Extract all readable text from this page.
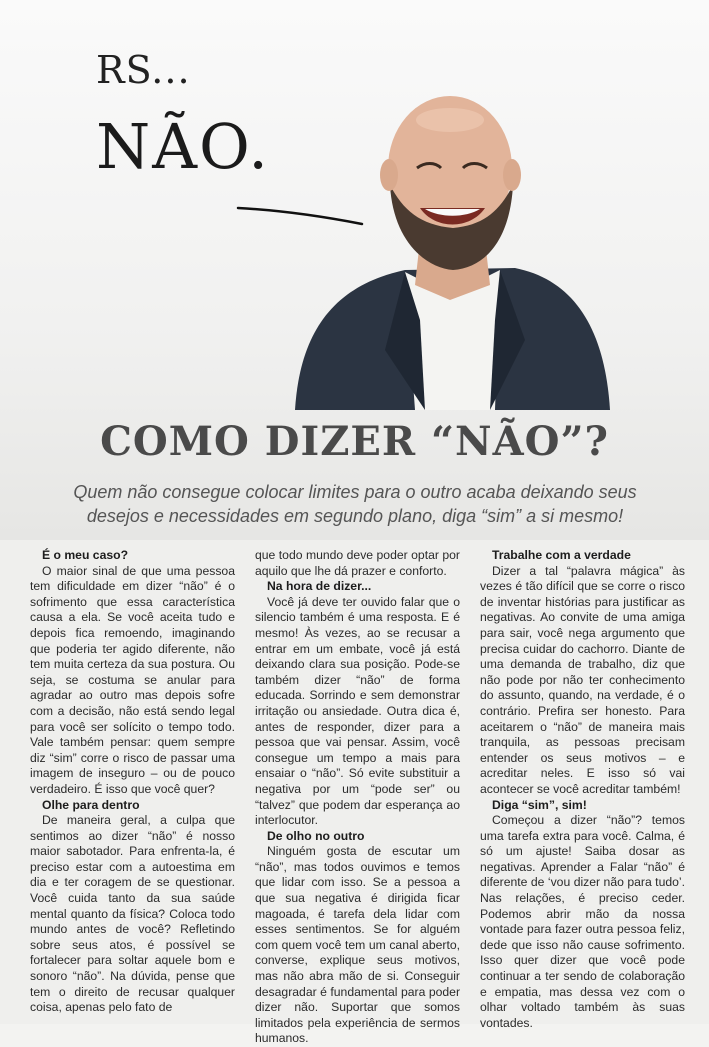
RS...
NÃO.
COMO DIZER “NÃO”?
Quem não consegue colocar limites para o outro acaba deixando seus desejos e necessidades em segundo plano, diga “sim” a si mesmo!
É o meu caso?

O maior sinal de que uma pessoa tem dificuldade em dizer “não” é o sofrimento que essa característica causa a ela. Se você aceita tudo e depois fica remoendo, imaginando que poderia ter agido diferente, não tem muita certeza da sua postura. Ou seja, se costuma se anular para agradar ao outro mas depois sofre com a decisão, não está sendo legal para você ser solícito o tempo todo. Vale também pensar: quem sempre diz “sim” corre o risco de passar uma imagem de inseguro – ou de pouco verdadeiro. É isso que você quer?

Olhe para dentro

De maneira geral, a culpa que sentimos ao dizer “não” é nosso maior sabotador. Para enfrenta-la, é preciso estar com a autoestima em dia e ter coragem de se questionar. Você cuida tanto da sua saúde mental quanto da física? Coloca todo mundo antes de você? Refletindo sobre seus atos, é possível se fortalecer para soltar aquele bom e sonoro “não”. Na dúvida, pense que tem o direito de recusar qualquer coisa, apenas pelo fato de

que todo mundo deve poder optar por aquilo que lhe dá prazer e conforto.

Na hora de dizer...

Você já deve ter ouvido falar que o silencio também é uma resposta. E é mesmo! Às vezes, ao se recusar a entrar em um embate, você já está deixando clara sua posição. Pode-se também dizer “não” de forma educada. Sorrindo e sem demonstrar irritação ou ansiedade. Outra dica é, antes de responder, dizer para a pessoa que vai pensar. Assim, você consegue um tempo a mais para ensaiar o “não”. Só evite substituir a negativa por um “pode ser” ou “talvez” que podem dar esperança ao interlocutor.

De olho no outro

Ninguém gosta de escutar um “não”, mas todos ouvimos e temos que lidar com isso. Se a pessoa a que sua negativa é dirigida ficar magoada, é tarefa dela lidar com esses sentimentos. Se for alguém com quem você tem um canal aberto, converse, explique seus motivos, mas não abra mão de si. Conseguir desagradar é fundamental para poder dizer não. Suportar que somos limitados pela experiência de sermos humanos.

Trabalhe com a verdade

Dizer a tal “palavra mágica” às vezes é tão difícil que se corre o risco de inventar histórias para justificar as negativas. Ao convite de uma amiga para sair, você nega argumento que precisa cuidar do cachorro. Diante de uma demanda de trabalho, diz que não pode por não ter conhecimento do assunto, quando, na verdade, é o contrário. Prefira ser honesto. Para aceitarem o “não” de maneira mais tranquila, as pessoas precisam entender os seus motivos – e acreditar neles. E isso só vai acontecer se você acreditar também!

Diga “sim”, sim!

Começou a dizer “não”? temos uma tarefa extra para você. Calma, é só um ajuste! Saiba dosar as negativas. Aprender a Falar “não” é diferente de ‘vou dizer não para tudo’. Nas relações, é preciso ceder. Podemos abrir mão da nossa vontade para fazer outra pessoa feliz, dede que isso não cause sofrimento. Isso quer dizer que você pode continuar a ter sendo de colaboração e empatia, mas dessa vez com o olhar voltado também às suas vontades.
